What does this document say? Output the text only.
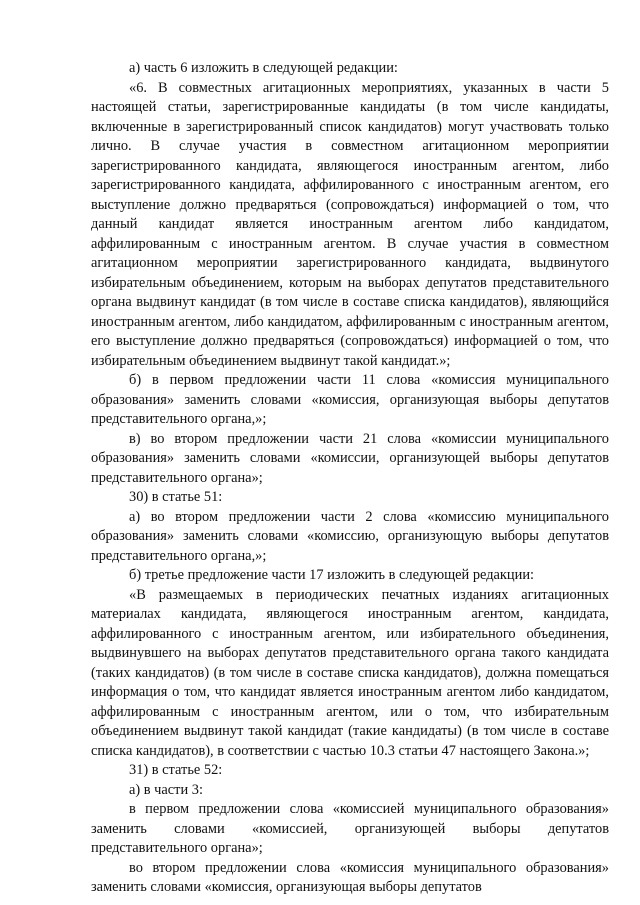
а) часть 6 изложить в следующей редакции:

«6. В совместных агитационных мероприятиях, указанных в части 5 настоящей статьи, зарегистрированные кандидаты (в том числе кандидаты, включенные в зарегистрированный список кандидатов) могут участвовать только лично. В случае участия в совместном агитационном мероприятии зарегистрированного кандидата, являющегося иностранным агентом, либо зарегистрированного кандидата, аффилированного с иностранным агентом, его выступление должно предваряться (сопровождаться) информацией о том, что данный кандидат является иностранным агентом либо кандидатом, аффилированным с иностранным агентом. В случае участия в совместном агитационном мероприятии зарегистрированного кандидата, выдвинутого избирательным объединением, которым на выборах депутатов представительного органа выдвинут кандидат (в том числе в составе списка кандидатов), являющийся иностранным агентом, либо кандидатом, аффилированным с иностранным агентом, его выступление должно предваряться (сопровождаться) информацией о том, что избирательным объединением выдвинут такой кандидат.»;

б) в первом предложении части 11 слова «комиссия муниципального образования» заменить словами «комиссия, организующая выборы депутатов представительного органа,»;

в) во втором предложении части 21 слова «комиссии муниципального образования» заменить словами «комиссии, организующей выборы депутатов представительного органа»;

30) в статье 51:

а) во втором предложении части 2 слова «комиссию муниципального образования» заменить словами «комиссию, организующую выборы депутатов представительного органа,»;

б) третье предложение части 17 изложить в следующей редакции:

«В размещаемых в периодических печатных изданиях агитационных материалах кандидата, являющегося иностранным агентом, кандидата, аффилированного с иностранным агентом, или избирательного объединения, выдвинувшего на выборах депутатов представительного органа такого кандидата (таких кандидатов) (в том числе в составе списка кандидатов), должна помещаться информация о том, что кандидат является иностранным агентом либо кандидатом, аффилированным с иностранным агентом, или о том, что избирательным объединением выдвинут такой кандидат (такие кандидаты) (в том числе в составе списка кандидатов), в соответствии с частью 10.3 статьи 47 настоящего Закона.»;

31) в статье 52:

а) в части 3:

в первом предложении слова «комиссией муниципального образования» заменить словами «комиссией, организующей выборы депутатов представительного органа»;

во втором предложении слова «комиссия муниципального образования» заменить словами «комиссия, организующая выборы депутатов
